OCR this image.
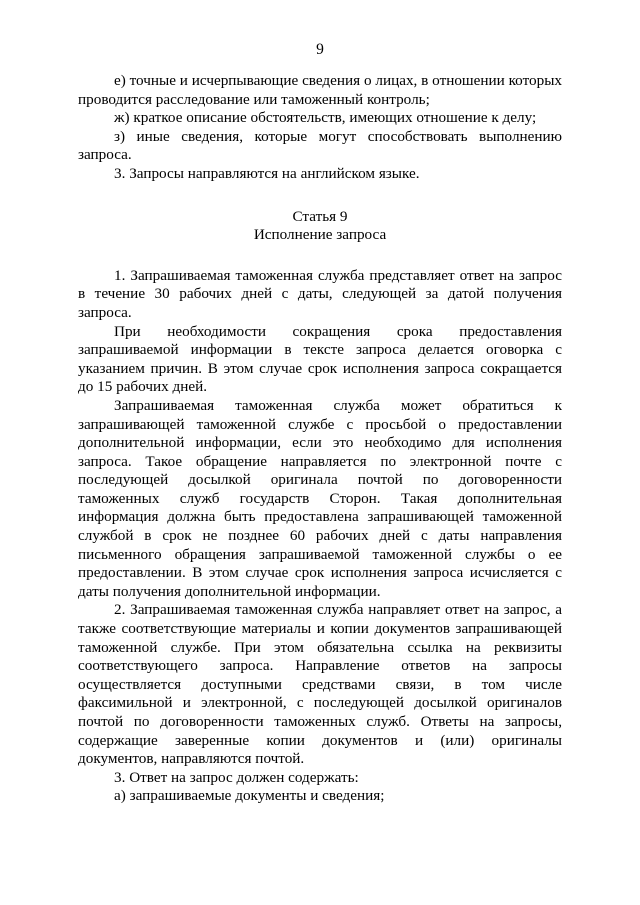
9

е) точные и исчерпывающие сведения о лицах, в отношении которых проводится расследование или таможенный контроль;

ж) краткое описание обстоятельств, имеющих отношение к делу;

з) иные сведения, которые могут способствовать выполнению запроса.

3. Запросы направляются на английском языке.

Статья 9
Исполнение запроса

1. Запрашиваемая таможенная служба представляет ответ на запрос в течение 30 рабочих дней с даты, следующей за датой получения запроса.

При необходимости сокращения срока предоставления запрашиваемой информации в тексте запроса делается оговорка с указанием причин. В этом случае срок исполнения запроса сокращается до 15 рабочих дней.

Запрашиваемая таможенная служба может обратиться к запрашивающей таможенной службе с просьбой о предоставлении дополнительной информации, если это необходимо для исполнения запроса. Такое обращение направляется по электронной почте с последующей досылкой оригинала почтой по договоренности таможенных служб государств Сторон. Такая дополнительная информация должна быть предоставлена запрашивающей таможенной службой в срок не позднее 60 рабочих дней с даты направления письменного обращения запрашиваемой таможенной службы о ее предоставлении. В этом случае срок исполнения запроса исчисляется с даты получения дополнительной информации.

2. Запрашиваемая таможенная служба направляет ответ на запрос, а также соответствующие материалы и копии документов запрашивающей таможенной службе. При этом обязательна ссылка на реквизиты соответствующего запроса. Направление ответов на запросы осуществляется доступными средствами связи, в том числе факсимильной и электронной, с последующей досылкой оригиналов почтой по договоренности таможенных служб. Ответы на запросы, содержащие заверенные копии документов и (или) оригиналы документов, направляются почтой.

3. Ответ на запрос должен содержать:

а) запрашиваемые документы и сведения;
